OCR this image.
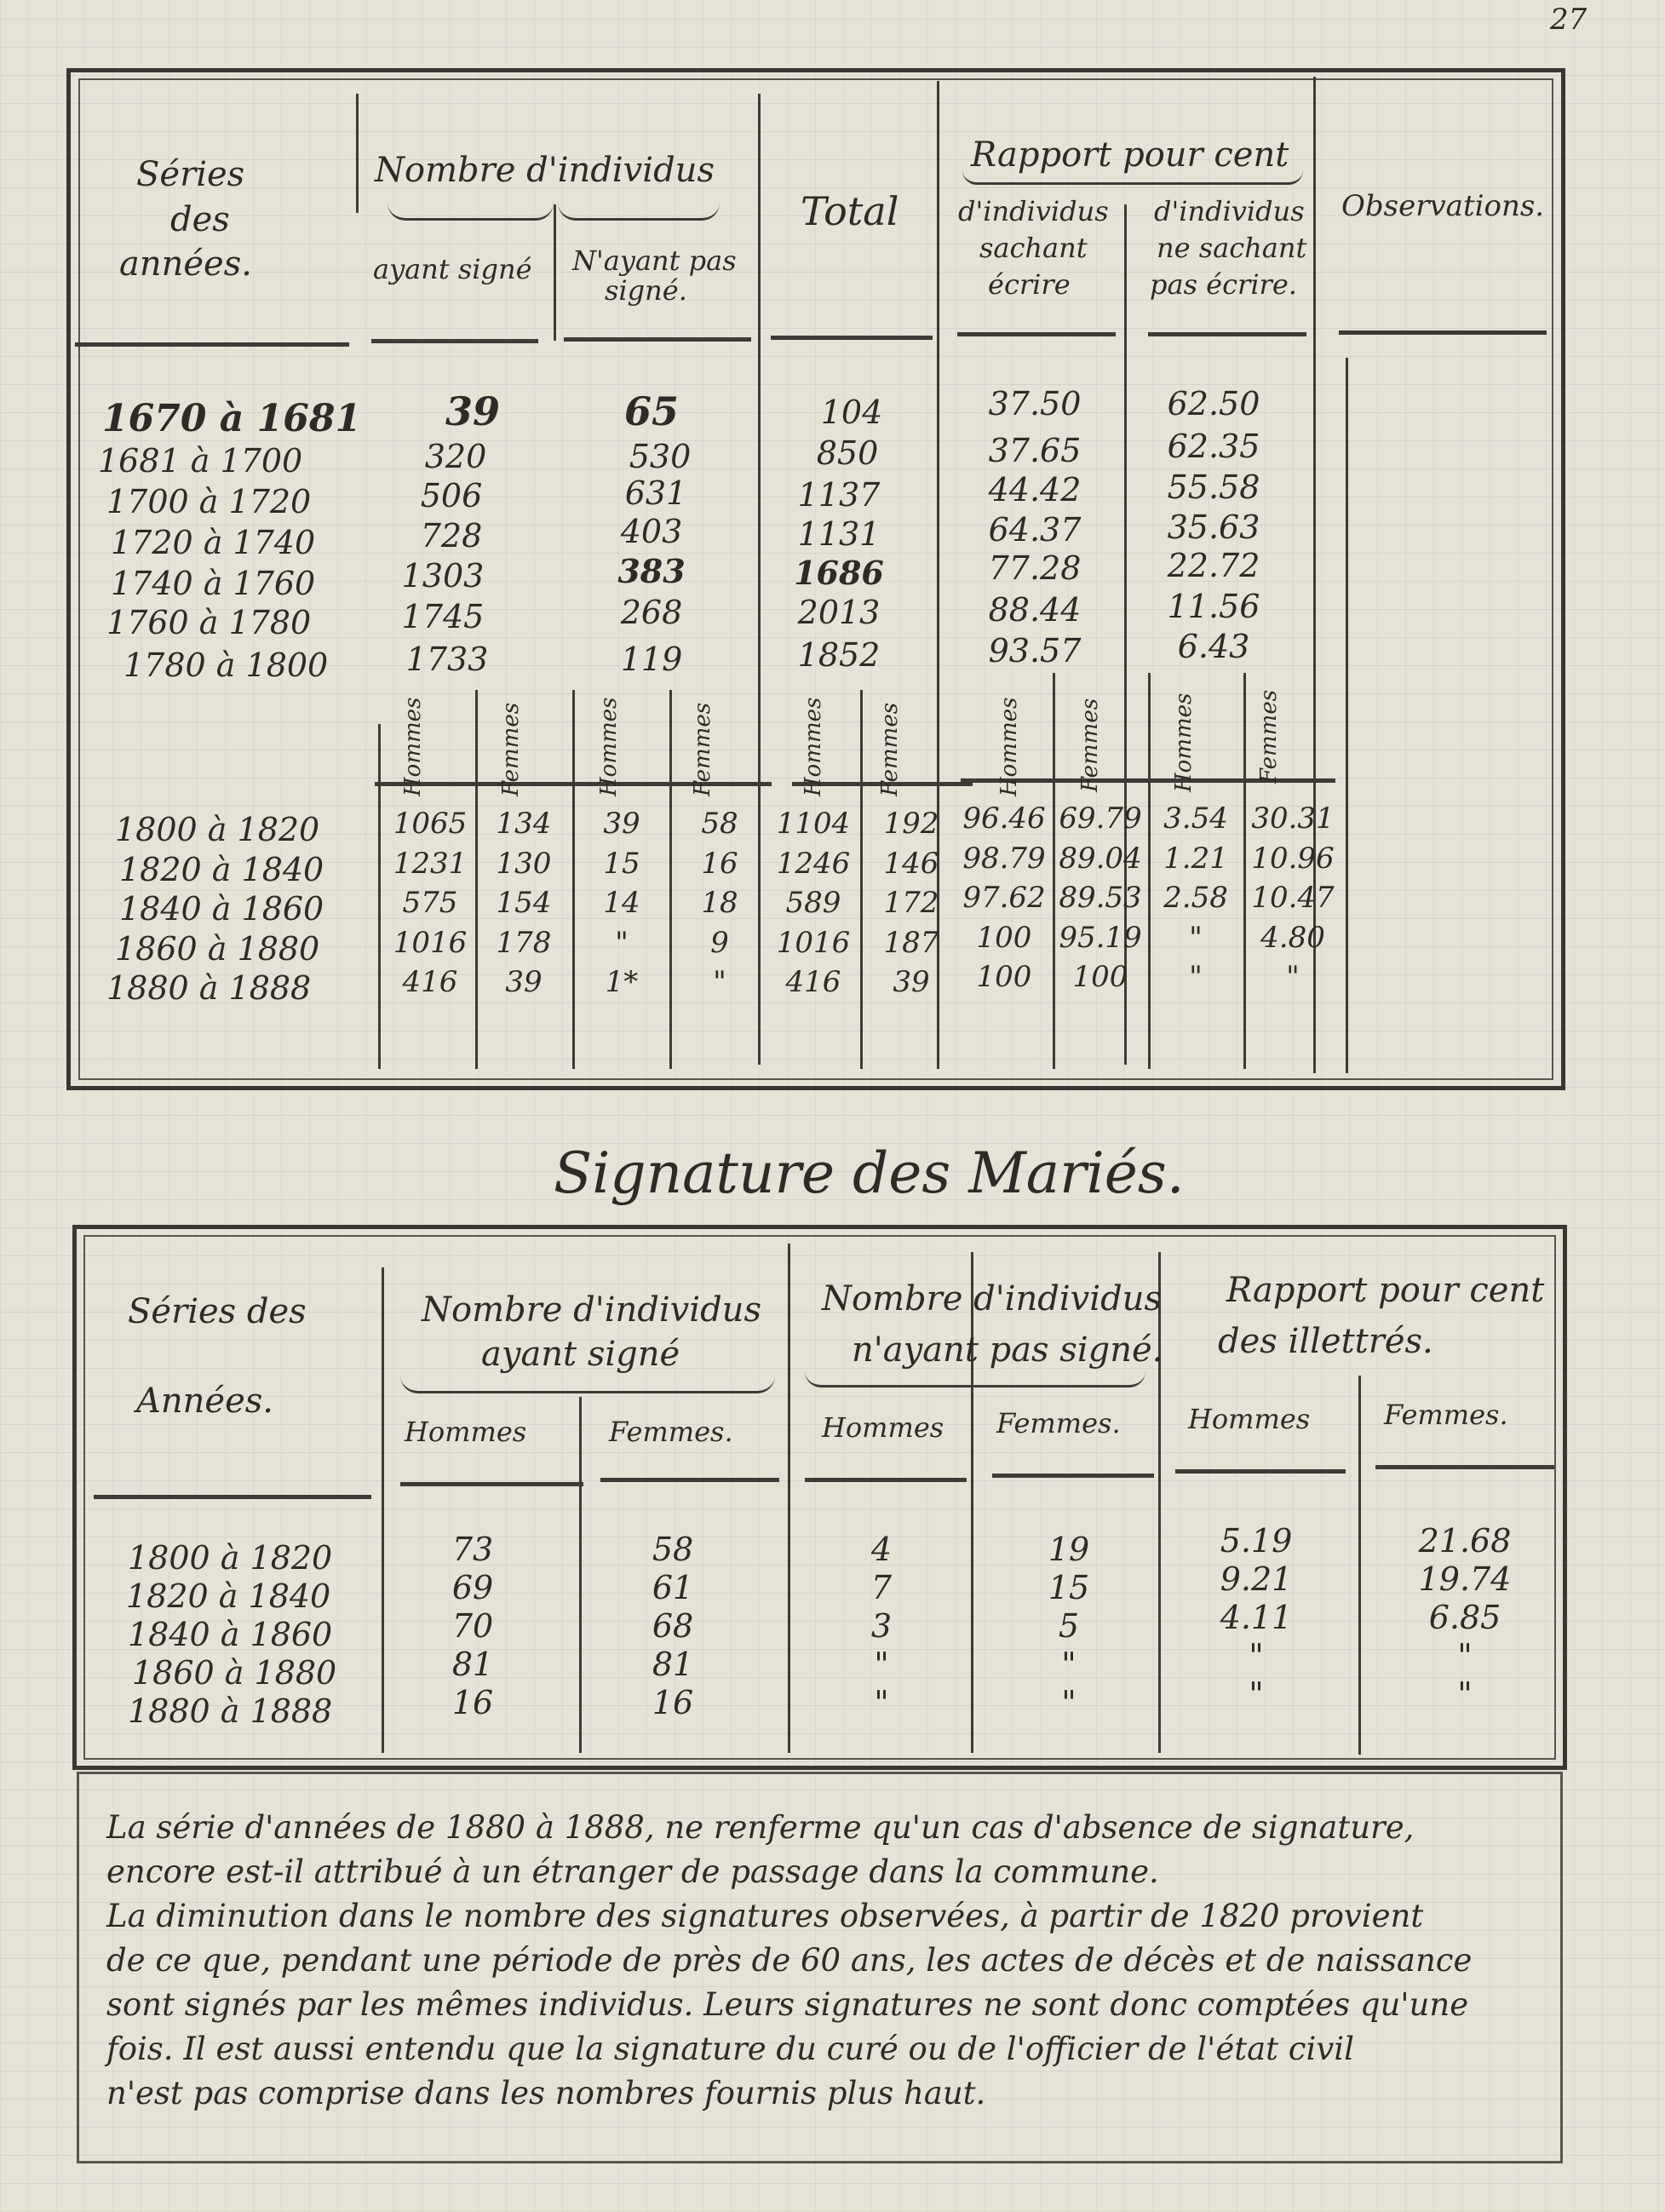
27
Séries
des
années.
Nombre d'individus
ayant signé N'ayant pas
signé.
Total
Rapport pour cent
d'individus
sachant
écrire
d'individus
ne sachant
pas écrire.
Observations.
1670 à 1681	39	65	104	37.50	62.50
1681 à 1700	320	530	850	37.65	62.35
1700 à 1720	506	631	1137	44.42	55.58
1720 à 1740	728	403	1131	64.37	35.63
1740 à 1760	1303	383	1686	77.28	22.72
1760 à 1780	1745	268	2013	88.44	11.56
1780 à 1800	1733	119	1852	93.57	6.43
Hommes	Femmes	Hommes	Femmes	Hommes Femmes	Hommes	Femmes	Hommes	Femmes
1800 à 1820	1065	134	39	58	1104	192 96.46 69.79 3.54 30.31
1820 à 1840	1231	130	15	16	1246	146 98.79 89.04 1.21 10.96
1840 à 1860	575	154	14	18	589	172 97.62 89.53 2.58 10.47
1860 à 1880	1016	178	"	9	1016	187	100 95.19	"	4.80
1880 à 1888	416	39	1*	"	416	39	100	100	"	"
Signature des Mariés.
Séries des
Années.
Nombre d'individus
ayant signé
Hommes	Femmes.
Nombre d'individus
n'ayant pas signé.
Hommes Femmes.
Rapport pour cent
des illettrés.
Hommes	Femmes.
1800 à 1820	73	58	4	19	5.19	21.68
1820 à 1840	69	61	7	15	9.21	19.74
1840 à 1860	70	68	3	5	4.11	6.85
1860 à 1880	81	81	"	"	"	"
1880 à 1888	16	16	"	"	"	"

La série d'années de 1880 à 1888, ne renferme qu'un cas d'absence de signature,

encore est-il attribué à un étranger de passage dans la commune.

La diminution dans le nombre des signatures observées, à partir de 1820 provient

de ce que, pendant une période de près de 60 ans, les actes de décès et de naissance

sont signés par les mêmes individus. Leurs signatures ne sont donc comptées qu'une

fois. Il est aussi entendu que la signature du curé ou de l'officier de l'état civil

n'est pas comprise dans les nombres fournis plus haut.
